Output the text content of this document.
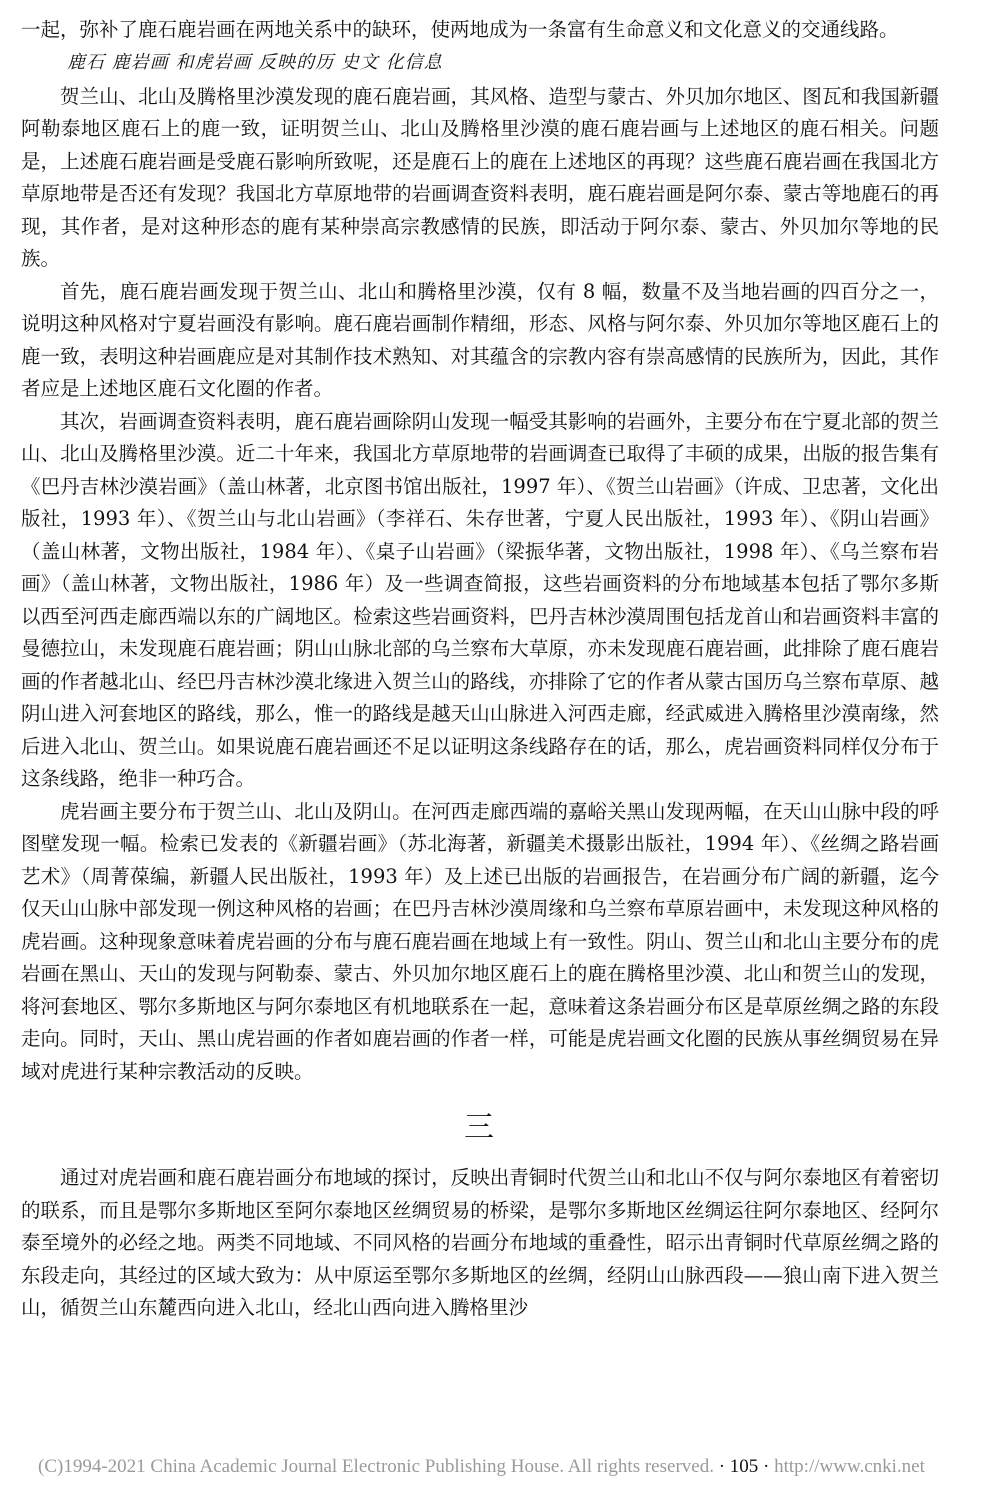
一起，弥补了鹿石鹿岩画在两地关系中的缺环，使两地成为一条富有生命意义和文化意义的交通线路。

鹿石 鹿岩画 和虎岩画 反映的历 史文 化信息

贺兰山、北山及腾格里沙漠发现的鹿石鹿岩画，其风格、造型与蒙古、外贝加尔地区、图瓦和我国新疆阿勒泰地区鹿石上的鹿一致，证明贺兰山、北山及腾格里沙漠的鹿石鹿岩画与上述地区的鹿石相关。问题是，上述鹿石鹿岩画是受鹿石影响所致呢，还是鹿石上的鹿在上述地区的再现？这些鹿石鹿岩画在我国北方草原地带是否还有发现？我国北方草原地带的岩画调查资料表明，鹿石鹿岩画是阿尔泰、蒙古等地鹿石的再现，其作者，是对这种形态的鹿有某种崇高宗教感情的民族，即活动于阿尔泰、蒙古、外贝加尔等地的民族。

首先，鹿石鹿岩画发现于贺兰山、北山和腾格里沙漠，仅有 8 幅，数量不及当地岩画的四百分之一，说明这种风格对宁夏岩画没有影响。鹿石鹿岩画制作精细，形态、风格与阿尔泰、外贝加尔等地区鹿石上的鹿一致，表明这种岩画鹿应是对其制作技术熟知、对其蕴含的宗教内容有崇高感情的民族所为，因此，其作者应是上述地区鹿石文化圈的作者。

其次，岩画调查资料表明，鹿石鹿岩画除阴山发现一幅受其影响的岩画外，主要分布在宁夏北部的贺兰山、北山及腾格里沙漠。近二十年来，我国北方草原地带的岩画调查已取得了丰硕的成果，出版的报告集有《巴丹吉林沙漠岩画》（盖山林著，北京图书馆出版社，1997 年）、《贺兰山岩画》（许成、卫忠著，文化出版社，1993 年）、《贺兰山与北山岩画》（李祥石、朱存世著，宁夏人民出版社，1993 年）、《阴山岩画》（盖山林著，文物出版社，1984 年）、《桌子山岩画》（梁振华著，文物出版社，1998 年）、《乌兰察布岩画》（盖山林著，文物出版社，1986 年）及一些调查简报，这些岩画资料的分布地域基本包括了鄂尔多斯以西至河西走廊西端以东的广阔地区。检索这些岩画资料，巴丹吉林沙漠周围包括龙首山和岩画资料丰富的曼德拉山，未发现鹿石鹿岩画；阴山山脉北部的乌兰察布大草原，亦未发现鹿石鹿岩画，此排除了鹿石鹿岩画的作者越北山、经巴丹吉林沙漠北缘进入贺兰山的路线，亦排除了它的作者从蒙古国历乌兰察布草原、越阴山进入河套地区的路线，那么，惟一的路线是越天山山脉进入河西走廊，经武威进入腾格里沙漠南缘，然后进入北山、贺兰山。如果说鹿石鹿岩画还不足以证明这条线路存在的话，那么，虎岩画资料同样仅分布于这条线路，绝非一种巧合。

虎岩画主要分布于贺兰山、北山及阴山。在河西走廊西端的嘉峪关黑山发现两幅，在天山山脉中段的呼图壁发现一幅。检索已发表的《新疆岩画》（苏北海著，新疆美术摄影出版社，1994 年）、《丝绸之路岩画艺术》（周菁葆编，新疆人民出版社，1993 年）及上述已出版的岩画报告，在岩画分布广阔的新疆，迄今仅天山山脉中部发现一例这种风格的岩画；在巴丹吉林沙漠周缘和乌兰察布草原岩画中，未发现这种风格的虎岩画。这种现象意味着虎岩画的分布与鹿石鹿岩画在地域上有一致性。阴山、贺兰山和北山主要分布的虎岩画在黑山、天山的发现与阿勒泰、蒙古、外贝加尔地区鹿石上的鹿在腾格里沙漠、北山和贺兰山的发现，将河套地区、鄂尔多斯地区与阿尔泰地区有机地联系在一起，意味着这条岩画分布区是草原丝绸之路的东段走向。同时，天山、黑山虎岩画的作者如鹿岩画的作者一样，可能是虎岩画文化圈的民族从事丝绸贸易在异域对虎进行某种宗教活动的反映。

三

通过对虎岩画和鹿石鹿岩画分布地域的探讨，反映出青铜时代贺兰山和北山不仅与阿尔泰地区有着密切的联系，而且是鄂尔多斯地区至阿尔泰地区丝绸贸易的桥梁，是鄂尔多斯地区丝绸运往阿尔泰地区、经阿尔泰至境外的必经之地。两类不同地域、不同风格的岩画分布地域的重叠性，昭示出青铜时代草原丝绸之路的东段走向，其经过的区域大致为：从中原运至鄂尔多斯地区的丝绸，经阴山山脉西段——狼山南下进入贺兰山，循贺兰山东麓西向进入北山，经北山西向进入腾格里沙

(C)1994-2021 China Academic Journal Electronic Publishing House. All rights reserved. · 105 · http://www.cnki.net
